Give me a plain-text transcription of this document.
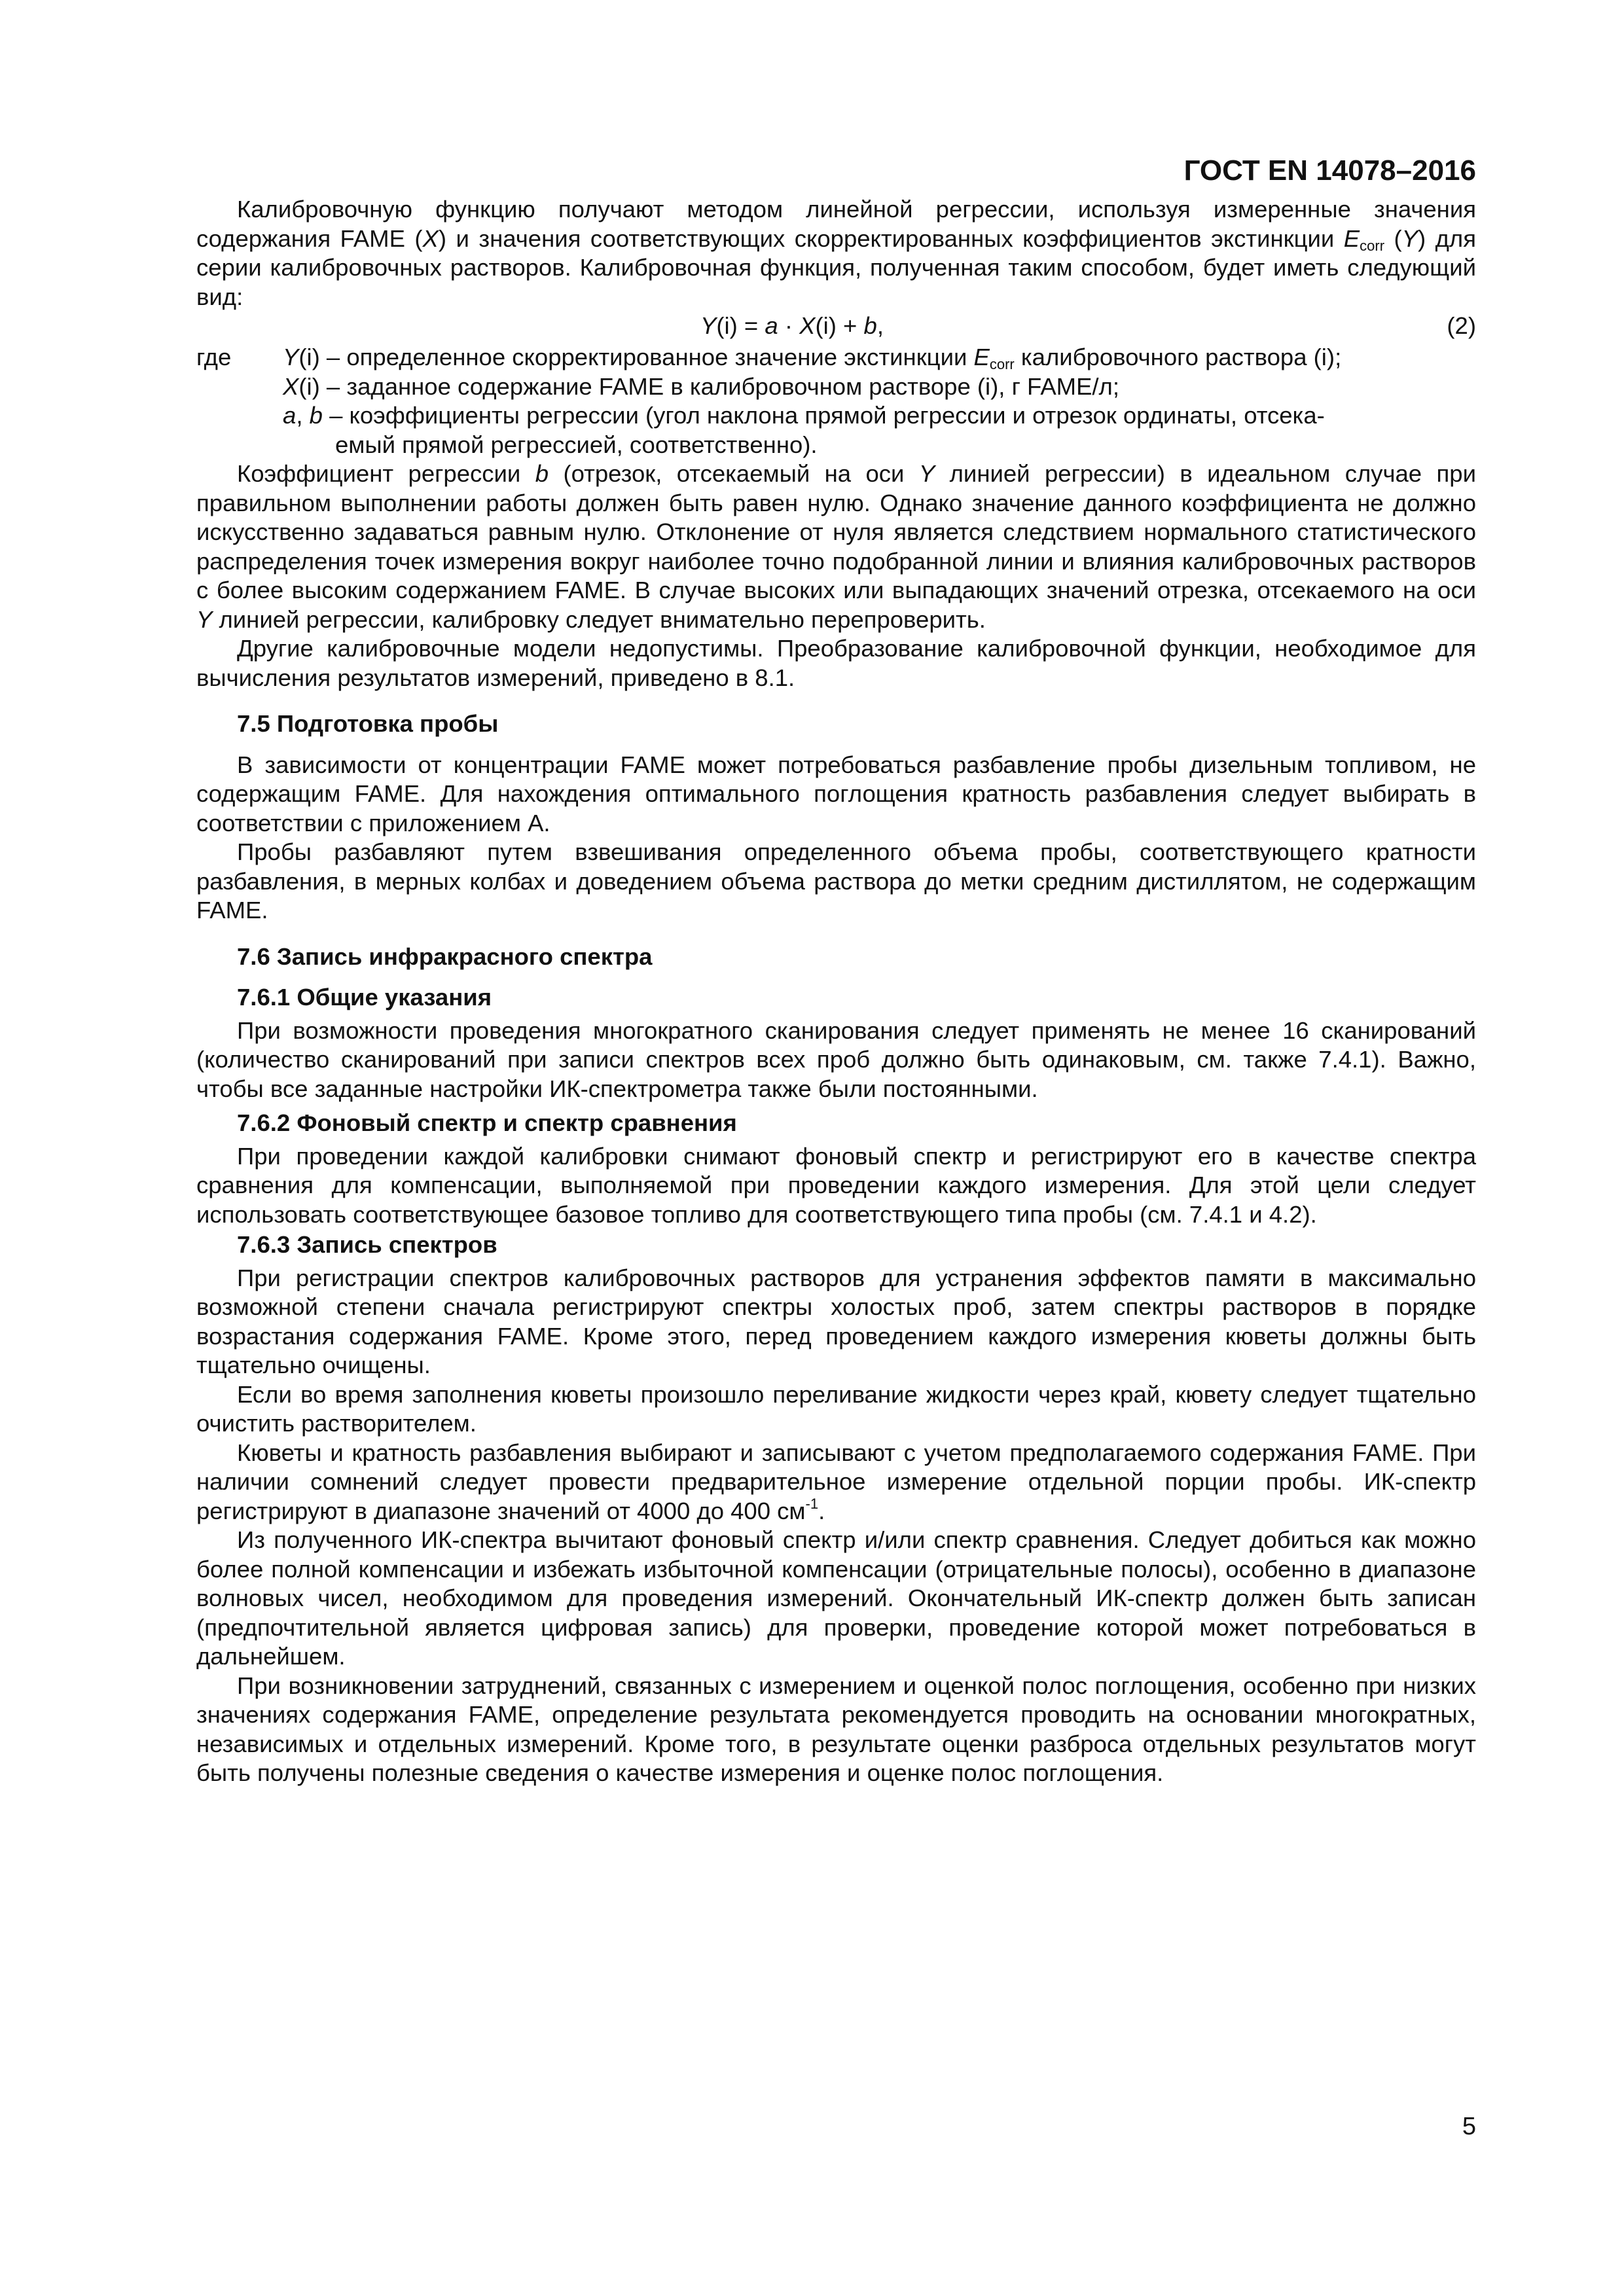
ГОСТ EN 14078–2016

Калибровочную функцию получают методом линейной регрессии, используя измеренные значения содержания FAME (X) и значения соответствующих скорректированных коэффициентов экстинкции $E_{corr}$ (Y) для серии калибровочных растворов. Калибровочная функция, полученная таким способом, будет иметь следующий вид:

Y(i) = a · X(i) + b,	(2)
где Y(i) – определенное скорректированное значение экстинкции $E_{corr}$ калибровочного раствора (i);
X(i) – заданное содержание FAME в калибровочном растворе (i), г FAME/л;
a, b – коэффициенты регрессии (угол наклона прямой регрессии и отрезок ординаты, отсека-
емый прямой регрессией, соответственно).

Коэффициент регрессии b (отрезок, отсекаемый на оси Y линией регрессии) в идеальном случае при правильном выполнении работы должен быть равен нулю. Однако значение данного коэффициента не должно искусственно задаваться равным нулю. Отклонение от нуля является следствием нормального статистического распределения точек измерения вокруг наиболее точно подобранной линии и влияния калибровочных растворов с более высоким содержанием FAME. В случае высоких или выпадающих значений отрезка, отсекаемого на оси Y линией регрессии, калибровку следует внимательно перепроверить.

Другие калибровочные модели недопустимы. Преобразование калибровочной функции, необходимое для вычисления результатов измерений, приведено в 8.1.

7.5 Подготовка пробы

В зависимости от концентрации FAME может потребоваться разбавление пробы дизельным топливом, не содержащим FAME. Для нахождения оптимального поглощения кратность разбавления следует выбирать в соответствии с приложением А.

Пробы разбавляют путем взвешивания определенного объема пробы, соответствующего кратности разбавления, в мерных колбах и доведением объема раствора до метки средним дистиллятом, не содержащим FAME.

7.6 Запись инфракрасного спектра
7.6.1 Общие указания

При возможности проведения многократного сканирования следует применять не менее 16 сканирований (количество сканирований при записи спектров всех проб должно быть одинаковым, см. также 7.4.1). Важно, чтобы все заданные настройки ИК-спектрометра также были постоянными.

7.6.2 Фоновый спектр и спектр сравнения

При проведении каждой калибровки снимают фоновый спектр и регистрируют его в качестве спектра сравнения для компенсации, выполняемой при проведении каждого измерения. Для этой цели следует использовать соответствующее базовое топливо для соответствующего типа пробы (см. 7.4.1 и 4.2).

7.6.3 Запись спектров

При регистрации спектров калибровочных растворов для устранения эффектов памяти в максимально возможной степени сначала регистрируют спектры холостых проб, затем спектры растворов в порядке возрастания содержания FAME. Кроме этого, перед проведением каждого измерения кюветы должны быть тщательно очищены.

Если во время заполнения кюветы произошло переливание жидкости через край, кювету следует тщательно очистить растворителем.

Кюветы и кратность разбавления выбирают и записывают с учетом предполагаемого содержания FAME. При наличии сомнений следует провести предварительное измерение отдельной порции пробы. ИК-спектр регистрируют в диапазоне значений от 4000 до 400 $см^{-1}$.

Из полученного ИК-спектра вычитают фоновый спектр и/или спектр сравнения. Следует добиться как можно более полной компенсации и избежать избыточной компенсации (отрицательные полосы), особенно в диапазоне волновых чисел, необходимом для проведения измерений. Окончательный ИК-спектр должен быть записан (предпочтительной является цифровая запись) для проверки, проведение которой может потребоваться в дальнейшем.

При возникновении затруднений, связанных с измерением и оценкой полос поглощения, особенно при низких значениях содержания FAME, определение результата рекомендуется проводить на основании многократных, независимых и отдельных измерений. Кроме того, в результате оценки разброса отдельных результатов могут быть получены полезные сведения о качестве измерения и оценке полос поглощения.

5
